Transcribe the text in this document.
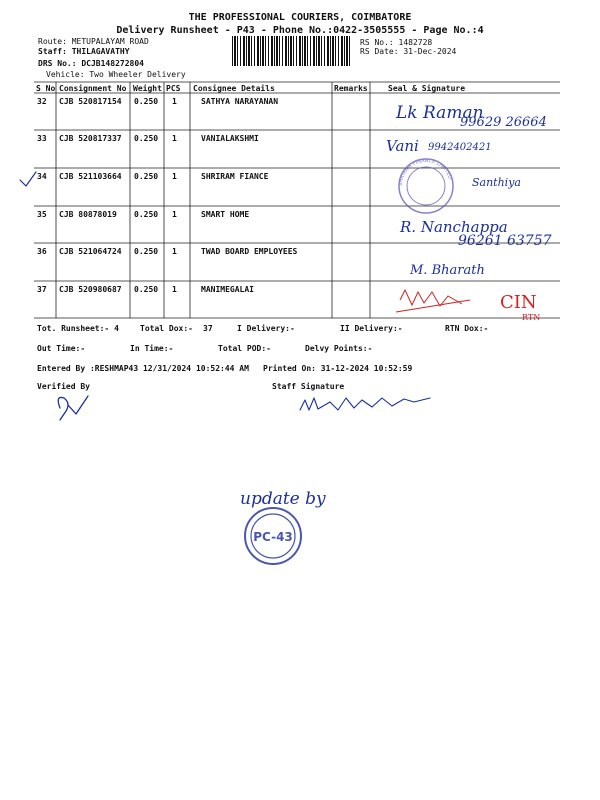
THE PROFESSIONAL COURIERS, COIMBATORE
Delivery Runsheet - P43 - Phone No.:0422-3505555 - Page No.:4
Route: METUPALAYAM ROAD
Staff: THILAGAVATHY
DRS No.: DCJB148272804
Vehicle: Two Wheeler Delivery
RS No.: 1482728
RS Date: 31-Dec-2024
S No Consignment No Weight PCS Consignee Details	Remarks	Seal & Signature
32 CJB 520817154 0.250 1	SATHYA NARAYANAN
33 CJB 520817337 0.250 1	VANIALAKSHMI
34 CJB 521103664 0.250 1	SHRIRAM FIANCE
35 CJB 80878019 0.250 1	SMART HOME
36 CJB 521064724 0.250 1	TWAD BOARD EMPLOYEES
37 CJB 520980687 0.250 1	MANIMEGALAI
Tot. Runsheet:- 4	Total Dox:- 37	I Delivery:-	II Delivery:-	RTN Dox:-
Out Time:-	In Time:-	Total POD:-	Delvy Points:-
Entered By :RESHMAP43 12/31/2024 10:52:44 AM Printed On: 31-12-2024 10:52:59
Verified By	Staff Signature
Lk Raman
99629 26664
Vani 9942402421
SHRIRAM FINANCE LIMITED Santhiya
R. Nanchappa
96261 63757
M. Bharath
CIN
RTN
update by
PC-43
